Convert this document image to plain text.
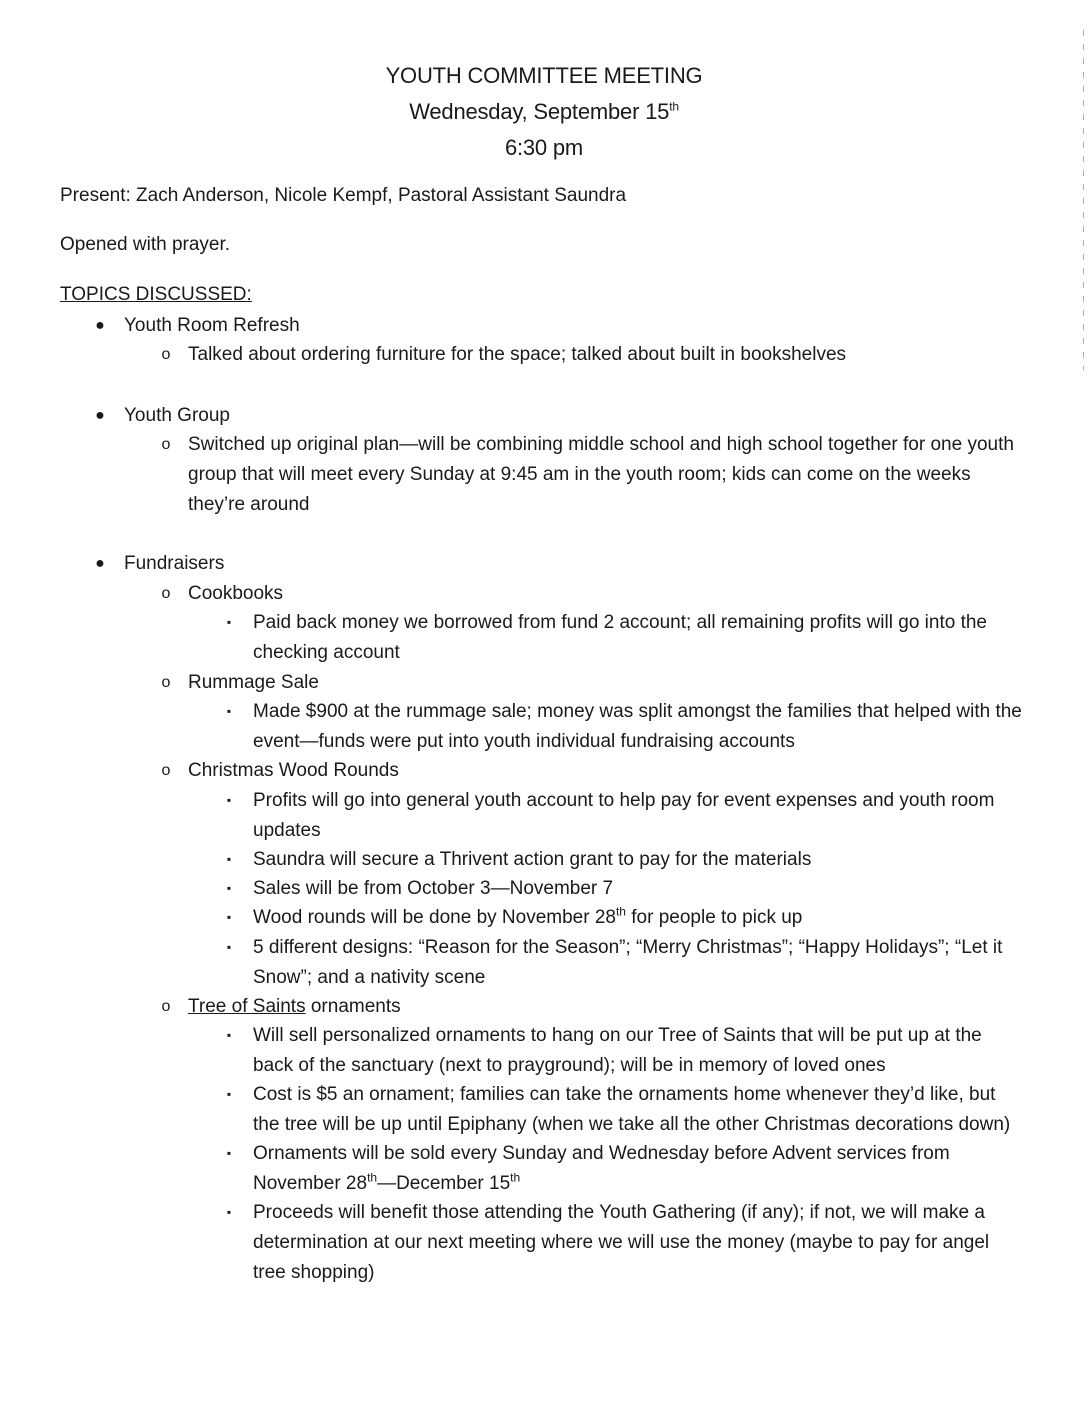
YOUTH COMMITTEE MEETING
Wednesday, September 15th
6:30 pm
Present: Zach Anderson, Nicole Kempf, Pastoral Assistant Saundra
Opened with prayer.
TOPICS DISCUSSED:
● Youth Room Refresh
o Talked about ordering furniture for the space; talked about built in bookshelves
● Youth Group
o Switched up original plan—will be combining middle school and high school together for one youth group that will meet every Sunday at 9:45 am in the youth room; kids can come on the weeks they’re around
● Fundraisers
o Cookbooks
▪	Paid back money we borrowed from fund 2 account; all remaining profits will go into the checking account
o Rummage Sale
▪	Made $900 at the rummage sale; money was split amongst the families that helped with the event—funds were put into youth individual fundraising accounts
o Christmas Wood Rounds
▪	Profits will go into general youth account to help pay for event expenses and youth room updates
▪	Saundra will secure a Thrivent action grant to pay for the materials
▪	Sales will be from October 3—November 7
▪	Wood rounds will be done by November 28th for people to pick up
▪	5 different designs: “Reason for the Season”; “Merry Christmas”; “Happy Holidays”; “Let it Snow”; and a nativity scene
o Tree of Saints ornaments
▪	Will sell personalized ornaments to hang on our Tree of Saints that will be put up at the back of the sanctuary (next to prayground); will be in memory of loved ones
▪	Cost is $5 an ornament; families can take the ornaments home whenever they’d like, but the tree will be up until Epiphany (when we take all the other Christmas decorations down)
▪	Ornaments will be sold every Sunday and Wednesday before Advent services from November 28th—December 15th
▪	Proceeds will benefit those attending the Youth Gathering (if any); if not, we will make a determination at our next meeting where we will use the money (maybe to pay for angel tree shopping)
